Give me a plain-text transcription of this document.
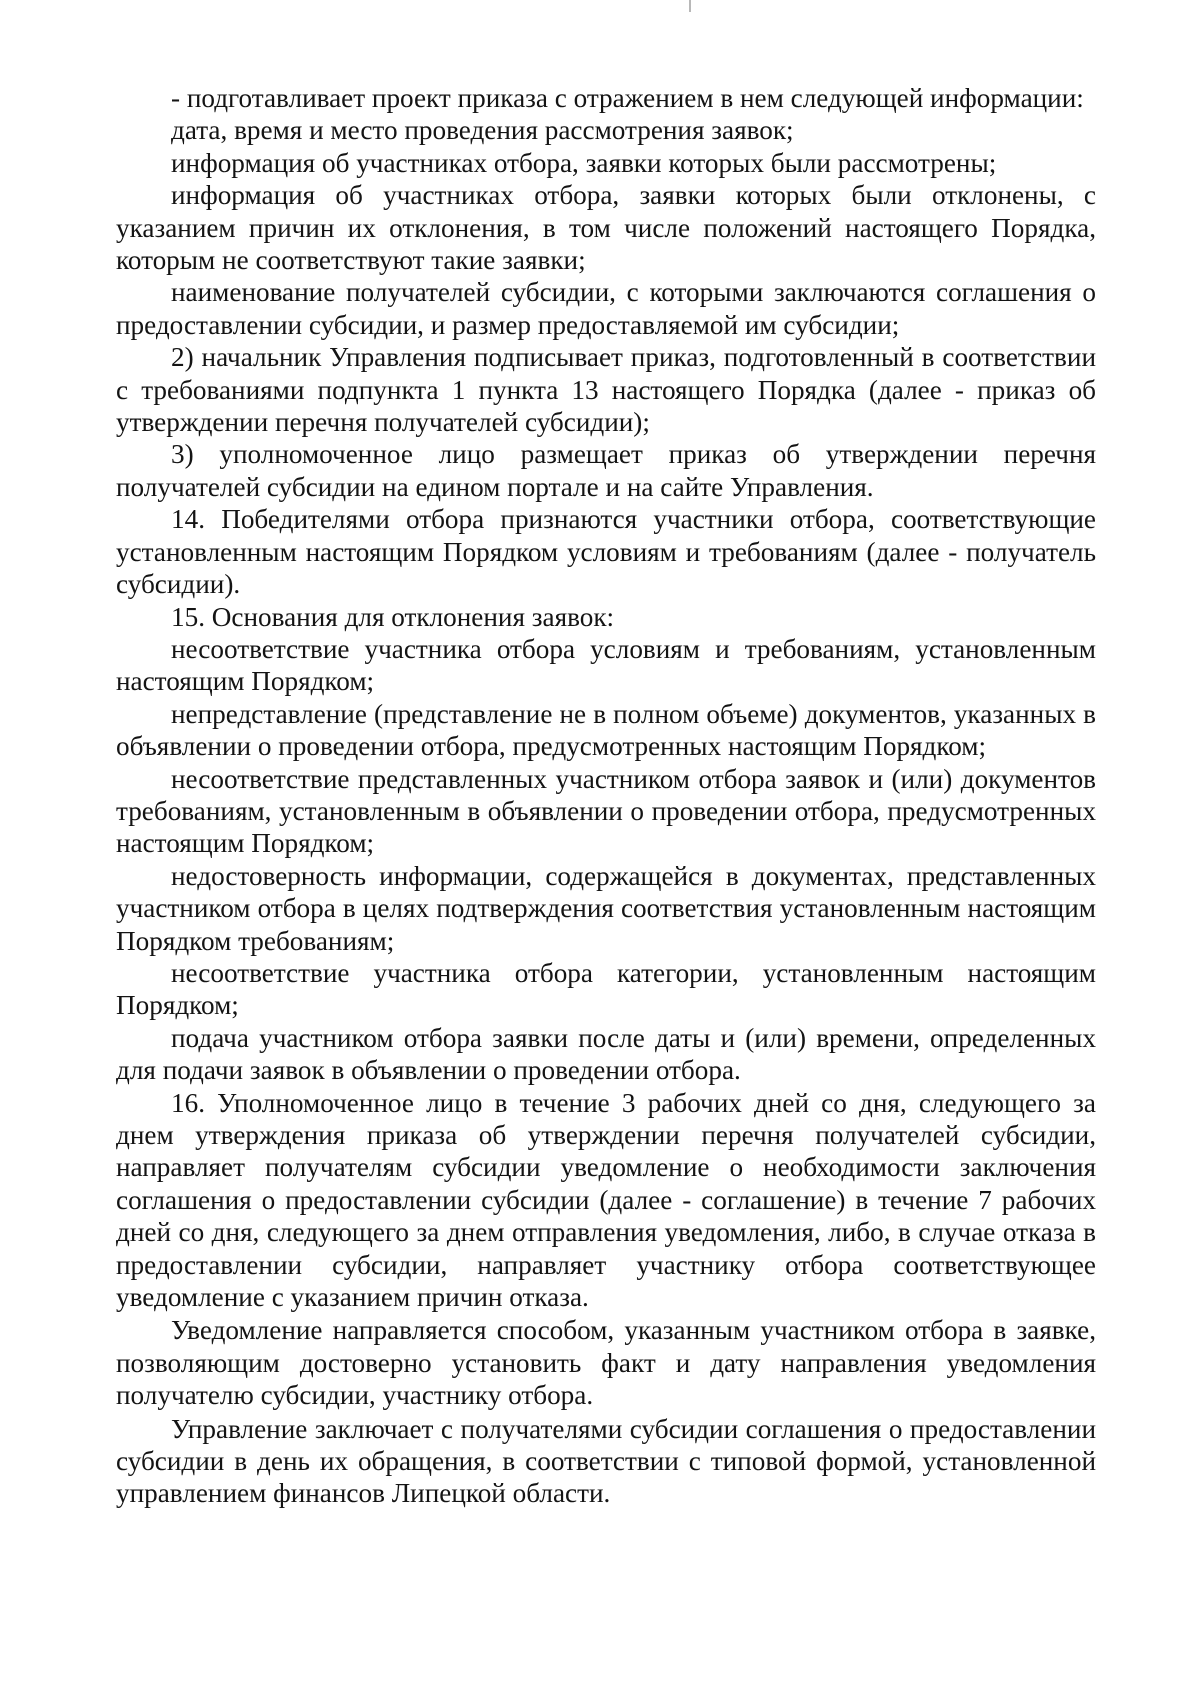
- подготавливает проект приказа с отражением в нем следующей информации:

дата, время и место проведения рассмотрения заявок;

информация об участниках отбора, заявки которых были рассмотрены;

информация об участниках отбора, заявки которых были отклонены, с указанием причин их отклонения, в том числе положений настоящего Порядка, которым не соответствуют такие заявки;

наименование получателей субсидии, с которыми заключаются соглашения о предоставлении субсидии, и размер предоставляемой им субсидии;

2) начальник Управления подписывает приказ, подготовленный в соответствии с требованиями подпункта 1 пункта 13 настоящего Порядка (далее - приказ об утверждении перечня получателей субсидии);

3) уполномоченное лицо размещает приказ об утверждении перечня получателей субсидии на едином портале и на сайте Управления.

14. Победителями отбора признаются участники отбора, соответствующие установленным настоящим Порядком условиям и требованиям (далее - получатель субсидии).

15. Основания для отклонения заявок:

несоответствие участника отбора условиям и требованиям, установленным настоящим Порядком;

непредставление (представление не в полном объеме) документов, указанных в объявлении о проведении отбора, предусмотренных настоящим Порядком;

несоответствие представленных участником отбора заявок и (или) документов требованиям, установленным в объявлении о проведении отбора, предусмотренных настоящим Порядком;

недостоверность информации, содержащейся в документах, представленных участником отбора в целях подтверждения соответствия установленным настоящим Порядком требованиям;

несоответствие участника отбора категории, установленным настоящим Порядком;

подача участником отбора заявки после даты и (или) времени, определенных для подачи заявок в объявлении о проведении отбора.

16. Уполномоченное лицо в течение 3 рабочих дней со дня, следующего за днем утверждения приказа об утверждении перечня получателей субсидии, направляет получателям субсидии уведомление о необходимости заключения соглашения о предоставлении субсидии (далее - соглашение) в течение 7 рабочих дней со дня, следующего за днем отправления уведомления, либо, в случае отказа в предоставлении субсидии, направляет участнику отбора соответствующее уведомление с указанием причин отказа.

Уведомление направляется способом, указанным участником отбора в заявке, позволяющим достоверно установить факт и дату направления уведомления получателю субсидии, участнику отбора.

Управление заключает с получателями субсидии соглашения о предоставлении субсидии в день их обращения, в соответствии с типовой формой, установленной управлением финансов Липецкой области.
